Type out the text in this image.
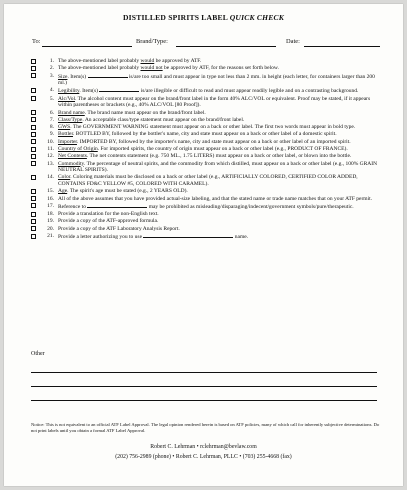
DISTILLED SPIRITS LABEL QUICK CHECK
To:	Brand/Type:	Date:
1. The above-mentioned label probably would be approved by ATF.
2. The above-mentioned label probably would not be approved by ATF, for the reasons set forth below.
3. Size. Item(s)	is/are too small and must appear in type not less than 2 mm. in height (each letter, for containers larger than 200 ml.)
4. Legibility. Item(s)	is/are illegible or difficult to read and must appear readily legible and on a contrasting background.
5. Alc/Vol. The alcohol content must appear on the brand/front label in the form 40% ALC/VOL or equivalent. Proof may be stated, if it appears within parentheses or brackets (e.g., 40% ALC/VOL [80 Proof]).
6. Brand name. The brand name must appear on the brand/front label.
7. Class/Type. An acceptable class/type statement must appear on the brand/front label.
8. GWS. The GOVERNMENT WARNING statement must appear on a back or other label. The first two words must appear in bold type.
9. Bottler. BOTTLED BY, followed by the bottler's name, city and state must appear on a back or other label of a domestic spirit.
10. Importer. IMPORTED BY, followed by the importer's name, city and state must appear on a back or other label of an imported spirit.
11. Country of Origin. For imported spirits, the country of origin must appear on a back or other label (e.g., PRODUCT OF FRANCE).
12. Net Contents. The net contents statement (e.g. 750 ML., 1.75 LITERS) must appear on a back or other label, or blown into the bottle.
13. Commodity. The percentage of neutral spirits, and the commodity from which distilled, must appear on a back or other label (e.g., 100% GRAIN NEUTRAL SPIRITS).
14. Color. Coloring materials must be disclosed on a back or other label (e.g., ARTIFICIALLY COLORED, CERTIFIED COLOR ADDED, CONTAINS FD&C YELLOW #5, COLORED WITH CARAMEL).
15. Age. The spirit's age must be stated (e.g., 2 YEARS OLD).
16. All of the above assumes that you have provided actual-size labeling, and that the stated name or trade name matches that on your ATF permit.
17. Reference to	may be prohibited as misleading/disparaging/indecent/government symbols/pure/therapeutic.
18. Provide a translation for the non-English text.
19. Provide a copy of the ATF-approved formula.
20. Provide a copy of the ATF Laboratory Analysis Report.
21. Provide a letter authorizing you to use	name.
Other
Notice: This is not equivalent to an official ATF Label Approval. The legal opinion rendered herein is based on ATF policies, many of which call for inherently subjective determinations. Do not print labels until you obtain a formal ATF Label Approval.
Robert C. Lehrman • rclehrman@bevlaw.com
(202) 756-2989 (phone) • Robert C. Lehrman, PLLC • (703) 255-4668 (fax)
